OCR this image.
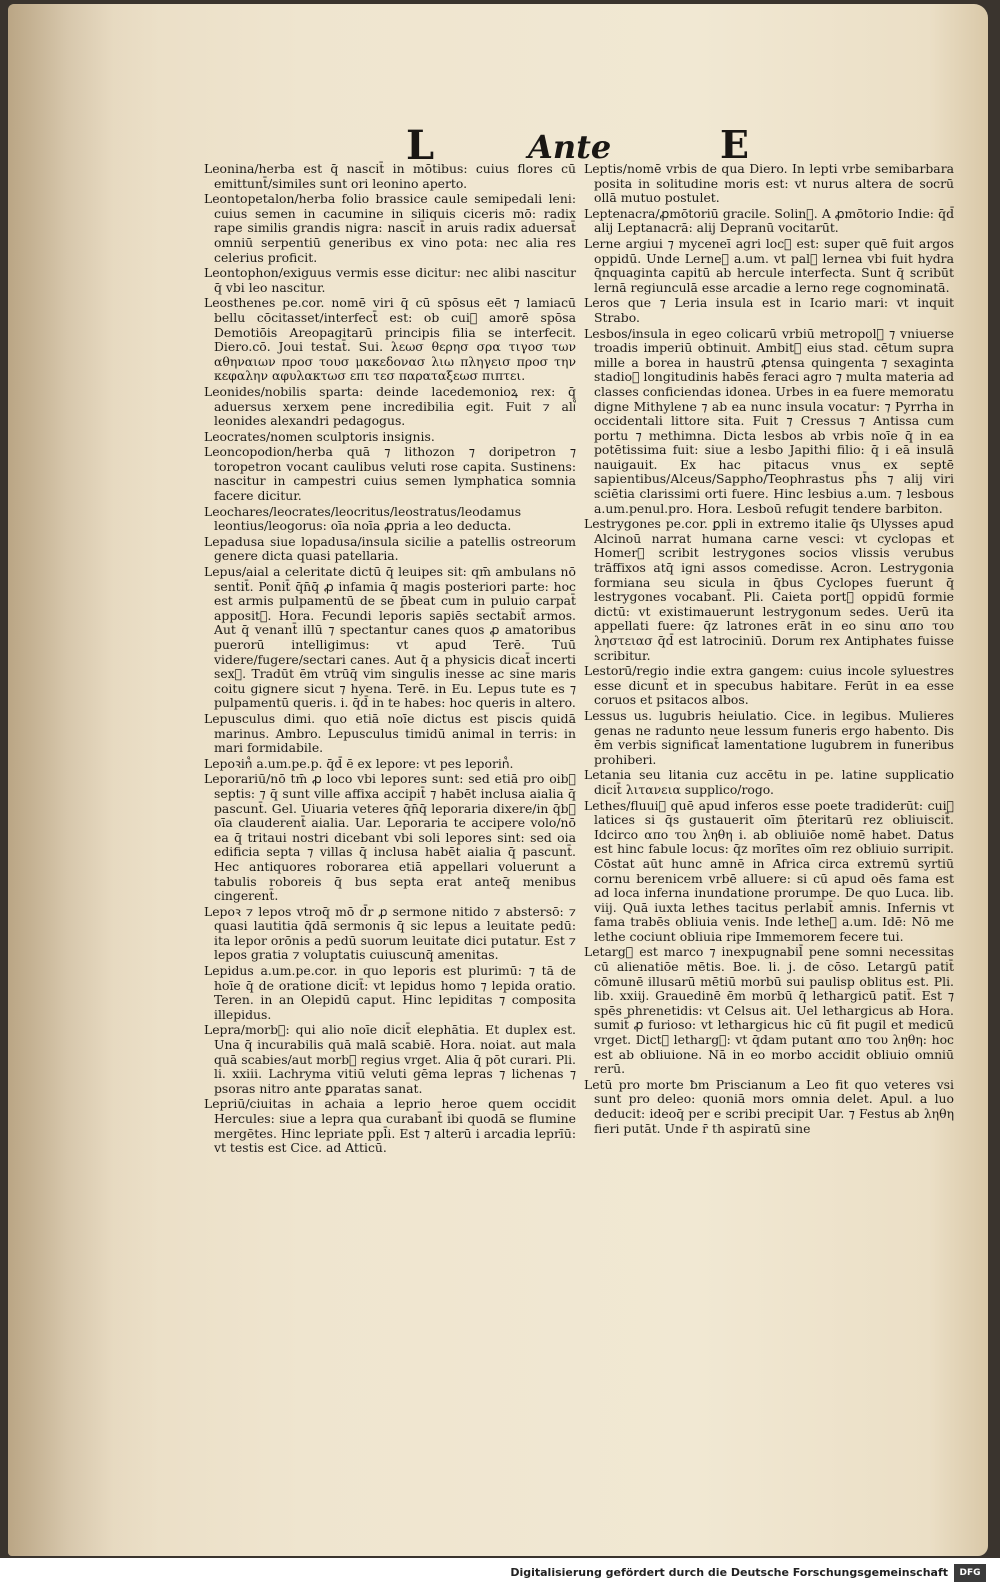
L	Ante	E

Leonina/herba est q̄ nascit̄ in mōtibus: cuius flores cū emittunt̄/similes sunt ori leonino aperto.

Leontopetalon/herba folio brassice caule semipedali leni: cuius semen in cacumine in siliquis ciceris mō: radix rape similis grandis nigra: nascit̄ in aruis radix aduersat̄ omniū serpentiū generibus ex vino pota: nec alia res celerius proficit.

Leontophon/exiguus vermis esse dicitur: nec alibi nascitur q̄ vbi leo nascitur.

Leosthenes pe.cor. nomē viri q̄ cū spōsus eēt ⁊ lamiacū bellu cōcitasset/interfect̄ est: ob cui᷒ amorē spōsa Demotiōis Areopagitarū principis filia se interfecit. Diero.cō. Joui testat̄. Sui. λεωσ θερησ σρα τιγοσ των αθηναιων προσ τουσ μακεδονασ λιω πληγεισ προσ την κεφαλην αφυλακτωσ επι τεσ παραταξεωσ πιπτει.

Leonides/nobilis sparta: deinde lacedemonioꝝ rex: q̄ aduersus xerxem pene incredibilia egit. Fuit ⁊ ali᷒ leonides alexandri pedagogus.

Leocrates/nomen sculptoris insignis.

Leoncopodion/herba quā ⁊ lithozon ⁊ doripetron ⁊ toropetron vocant caulibus veluti rose capita. Sustinens: nascitur in campestri cuius semen lymphatica somnia facere dicitur.

Leochares/leocrates/leocritus/leostratus/leodamus leontius/leogorus: oīa noīa ꝓpria a leo deducta.

Lepadusa siue lopadusa/insula sicilie a patellis ostreorum genere dicta quasi patellaria.

Lepus/aial a celeritate dictū q̄ leuipes sit: qm̄ ambulans nō sentit̄. Ponit̄ q̄n̄q̄ ꝓ infamia q̄ magis posteriori parte: hoc est armis pulpamentū de se p̄beat cum in puluio carpat̄ apposit᷒. Hora. Fecundi leporis sapiēs sectabit̄ armos. Aut q̄ venant̄ illū ⁊ spectantur canes quos ꝓ amatoribus puerorū intelligimus: vt apud Terē. Tuū videre/fugere/sectari canes. Aut q̄ a physicis dicat̄ incerti sex᷒. Tradūt ēm vtrūq̄ vim singulis inesse ac sine maris coitu gignere sicut ⁊ hyena. Terē. in Eu. Lepus tute es ⁊ pulpamentū queris. i. q̄d̄ in te habes: hoc queris in altero.

Lepusculus dimi. quo etiā noīe dictus est piscis quidā marinus. Ambro. Lepusculus timidū animal in terris: in mari formidabile.

Lepoꝛin᷒ a.um.pe.p. q̄d̄ ē ex lepore: vt pes leporin᷒.

Leporariū/nō tm̄ ꝓ loco vbi lepores sunt: sed etiā pro oib᷒ septis: ⁊ q̄ sunt ville affixa accipit̄ ⁊ habēt inclusa aialia q̄ pascunt̄. Gel. Uiuaria veteres q̄n̄q̄ leporaria dixere/in q̄b᷒ oīa clauderent̄ aialia. Uar. Leporaria te accipere volo/nō ea q̄ tritaui nostri dicebant vbi soli lepores sint: sed oia edificia septa ⁊ villas q̄ inclusa habēt aialia q̄ pascunt̄. Hec antiquores roborarea etiā appellari voluerunt a tabulis roboreis q̄ bus septa erat anteq̄ menibus cingerent̄.

Lepoꝛ ⁊ lepos vtroq̄ mō d̄r ꝓ sermone nitido ⁊ abstersō: ⁊ quasi lautitia q̄dā sermonis q̄ sic lepus a leuitate pedū: ita lepor orōnis a pedū suorum leuitate dici putatur. Est ⁊ lepos gratia ⁊ voluptatis cuiuscunq̄ amenitas.

Lepidus a.um.pe.cor. in quo leporis est plurimū: ⁊ tā de hoīe q̄ de oratione dicit̄: vt lepidus homo ⁊ lepida oratio. Teren. in an Olepidū caput. Hinc lepiditas ⁊ composita illepidus.

Lepra/morb᷒: qui alio noīe dicit̄ elephātia. Et duplex est. Una q̄ incurabilis quā malā scabiē. Hora. noiat. aut mala quā scabies/aut morb᷒ regius vrget. Alia q̄ pōt curari. Pli. li. xxiii. Lachryma vitiū veluti gēma lepras ⁊ lichenas ⁊ psoras nitro ante ꝑparatas sanat.

Lepriū/ciuitas in achaia a leprio heroe quem occidit Hercules: siue a lepra qua curabant̄ ibi quodā se flumine mergētes. Hinc lepriate ppl̄i. Est ⁊ alterū i arcadia leprīū: vt testis est Cice. ad Atticū.

Leptis/nomē vrbis de qua Diero. In lepti vrbe semibarbara posita in solitudine moris est: vt nurus altera de socrū ollā mutuo postulet.

Leptenacra/ꝓmōtoriū gracile. Solin᷒. A ꝓmōtorio Indie: q̄d̄ alij Leptanacrā: alij Depranū vocitarūt.

Lerne argiui ⁊ myceneī agri loc᷒ est: super quē fuit argos oppidū. Unde Lerne᷒ a.um. vt pal᷒ lernea vbi fuit hydra q̄nquaginta capitū ab hercule interfecta. Sunt q̄ scribūt lernā regiunculā esse arcadie a lerno rege cognominatā.

Leros que ⁊ Leria insula est in Icario mari: vt inquit Strabo.

Lesbos/insula in egeo colicarū vrbiū metropol᷒ ⁊ vniuerse troadis imperiū obtinuit. Ambit᷒ eius stad. cētum supra mille a borea in haustrū ꝓtensa quingenta ⁊ sexaginta stadioꝝ longitudinis habēs feraci agro ⁊ multa materia ad classes conficiendas idonea. Urbes in ea fuere memoratu digne Mithylene ⁊ ab ea nunc insula vocatur: ⁊ Pyrrha in occidentali littore sita. Fuit ⁊ Cressus ⁊ Antissa cum portu ⁊ methimna. Dicta lesbos ab vrbis noīe q̄ in ea potētissima fuit: siue a lesbo Japithi filio: q̄ i eā insulā nauigauit. Ex hac pitacus vnus ex septē sapientibus/Alceus/Sappho/Teophrastus ph̄s ⁊ alij viri sciētia clarissimi orti fuere. Hinc lesbius a.um. ⁊ lesbous a.um.penul.pro. Hora. Lesboū refugit tendere barbiton.

Lestrygones pe.cor. ꝑpli in extremo italie q̄s Ulysses apud Alcinoū narrat humana carne vesci: vt cyclopas et Homer᷒ scribit lestrygones socios vlissis verubus trāffixos atq̄ igni assos comedisse. Acron. Lestrygonia formiana seu sicula in q̄bus Cyclopes fuerunt q̄ lestrygones vocabant̄. Pli. Caieta port᷒ oppidū formie dictū: vt existimauerunt lestrygonum sedes. Uerū ita appellati fuere: q̄z latrones erāt in eo sinu απο του ληστειασ q̄d̄ est latrociniū. Dorum rex Antiphates fuisse scribitur.

Lestorū/regio indie extra gangem: cuius incole syluestres esse dicunt̄ et in specubus habitare. Ferūt in ea esse coruos et psitacos albos.

Lessus us. lugubris heiulatio. Cice. in legibus. Mulieres genas ne radunto neue lessum funeris ergo habento. Dis ēm verbis significat̄ lamentatione lugubrem in funeribus prohiberi.

Letania seu litania cuz accētu in pe. latine supplicatio dicit̄ λιτανεια supplico/rogo.

Lethes/fluui᷒ quē apud inferos esse poete tradiderūt: cui᷒ latices si q̄s gustauerit oīm p̄teritarū rez obliuiscit̄. Idcirco απο του ληθη i. ab obliuiōe nomē habet. Datus est hinc fabule locus: q̄z morītes oīm rez obliuio surripit. Cōstat aūt hunc amnē in Africa circa extremū syrtiū cornu berenicem vrbē alluere: si cū apud oēs fama est ad loca inferna inundatione prorumpe. De quo Luca. lib. viij. Quā iuxta lethes tacitus perlabit̄ amnis. Infernis vt fama trabēs obliuia venis. Inde lethe᷒ a.um. Idē: Nō me lethe cociunt obliuia ripe Immemorem fecere tui.

Letarg᷒ est marco ⁊ inexpugnabil̄ pene somni necessitas cū alienatiōe mētis. Boe. li. j. de cōso. Letargū patit̄ cōmunē illusarū mētiū morbū sui paulisp oblitus est. Pli. lib. xxiij. Grauedinē ēm morbū q̄ lethargicū patit̄. Est ⁊ spēs phrenetidis: vt Celsus ait. Uel lethargicus ab Hora. sumit̄ ꝓ furioso: vt lethargicus hic cū fit pugil et medicū vrget. Dict᷒ letharg᷒: vt q̄dam putant απο του ληθη: hoc est ab obliuione. Nā in eo morbo accidit obliuio omniū rerū.

Letū pro morte ƀm Priscianum a Leo fit quo veteres vsi sunt pro deleo: quoniā mors omnia delet. Apul. a luo deducit: ideoq̄ per e scribi precipit Uar. ⁊ Festus ab ληθη fieri putāt. Unde r̄ th aspiratū sine

Digitalisierung gefördert durch die Deutsche Forschungsgemeinschaft	DFG
